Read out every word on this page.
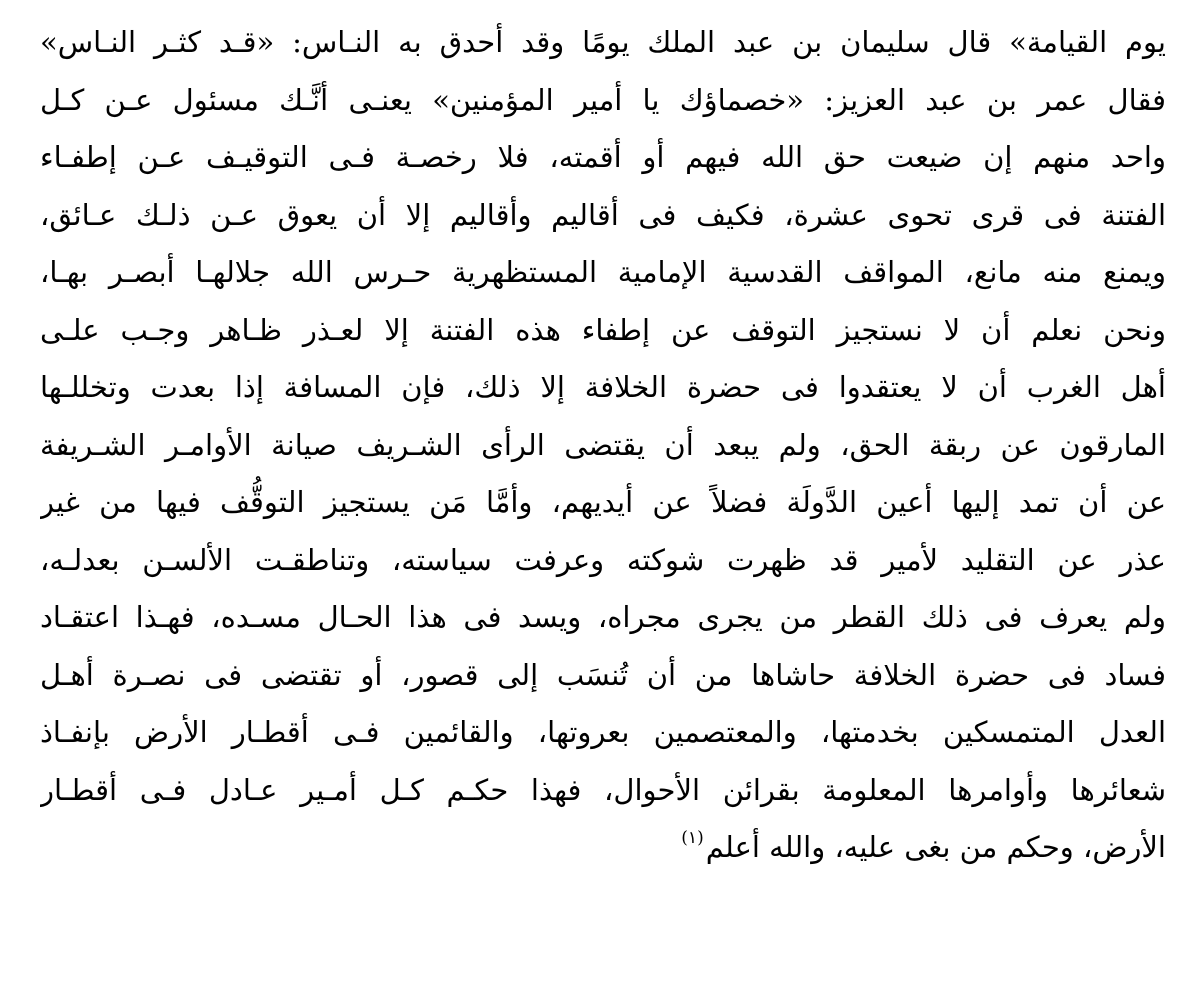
يوم القيامة» قال سليمان بن عبد الملك يومًا وقد أحدق به النـاس: «قـد كثـر النـاس»
فقال عمر بن عبد العزيز: «خصماؤك يا أمير المؤمنين» يعنـى أنَّـك مسئول عـن كـل
واحد منهم إن ضيعت حق الله فيهم أو أقمته، فلا رخصـة فـى التوقيـف عـن إطفـاء
الفتنة فى قرى تحوى عشرة، فكيف فى أقاليم وأقاليم إلا أن يعوق عـن ذلـك عـائق،
ويمنع منه مانع، المواقف القدسية الإمامية المستظهرية حـرس الله جلالهـا أبصـر بهـا،
ونحن نعلم أن لا نستجيز التوقف عن إطفاء هذه الفتنة إلا لعـذر ظـاهر وجـب علـى
أهل الغرب أن لا يعتقدوا فى حضرة الخلافة إلا ذلك، فإن المسافة إذا بعدت وتخللـها
المارقون عن ربقة الحق، ولم يبعد أن يقتضى الرأى الشـريف صيانة الأوامـر الشـريفة
عن أن تمد إليها أعين الدَّولَة فضلاً عن أيديهم، وأمَّا مَن يستجيز التوقُّف فيها من غير
عذر عن التقليد لأمير قد ظهرت شوكته وعرفت سياسته، وتناطقـت الألسـن بعدلـه،
ولم يعرف فى ذلك القطر من يجرى مجراه، ويسد فى هذا الحـال مسـده، فهـذا اعتقـاد
فساد فى حضرة الخلافة حاشاها من أن تُنسَب إلى قصور، أو تقتضى فى نصـرة أهـل
العدل المتمسكين بخدمتها، والمعتصمين بعروتها، والقائمين فـى أقطـار الأرض بإنفـاذ
شعائرها وأوامرها المعلومة بقرائن الأحوال، فهذا حكـم كـل أمـير عـادل فـى أقطـار
الأرض، وحكم من بغى عليه، والله أعلم$^{(١)}$
